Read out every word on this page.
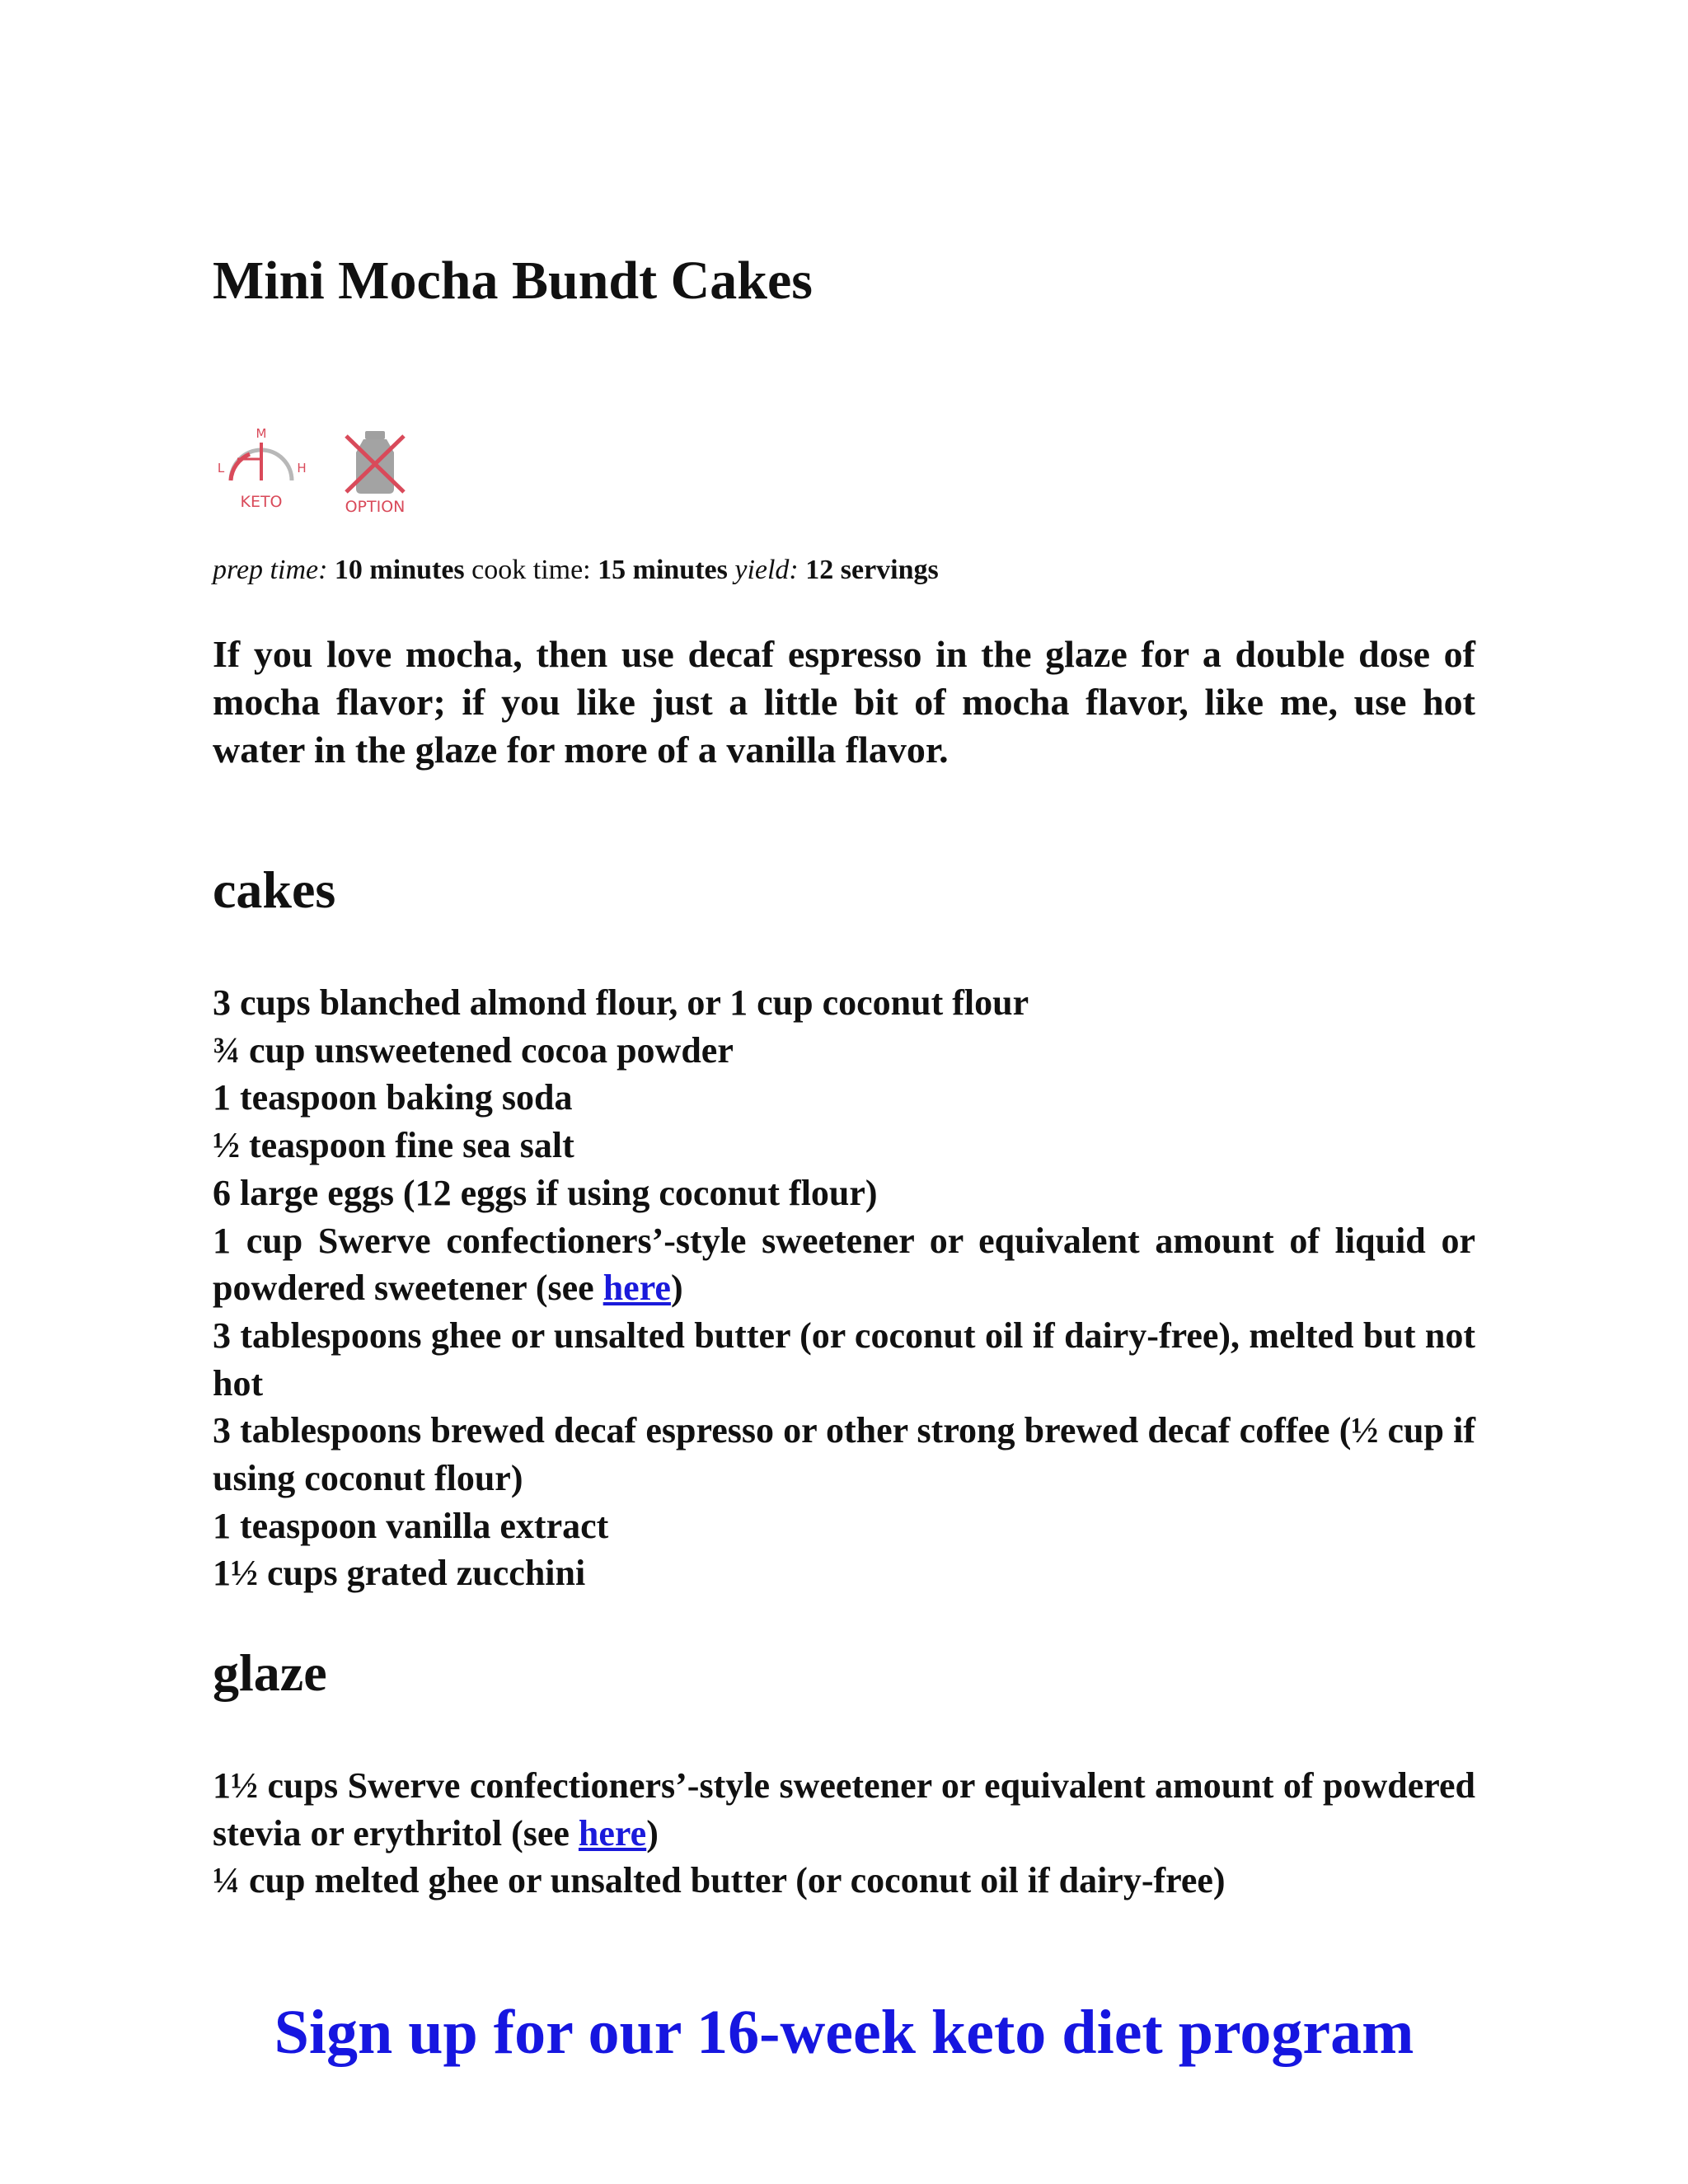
Mini Mocha Bundt Cakes
M
L	H
KETO	OPTION
prep time: 10 minutes cook time: 15 minutes yield: 12 servings

If you love mocha, then use decaf espresso in the glaze for a double dose of mocha flavor; if you like just a little bit of mocha flavor, like me, use hot water in the glaze for more of a vanilla flavor.

cakes
3 cups blanched almond flour, or 1 cup coconut flour
¾ cup unsweetened cocoa powder
1 teaspoon baking soda
½ teaspoon fine sea salt
6 large eggs (12 eggs if using coconut flour)
1 cup Swerve confectioners’-style sweetener or equivalent amount of liquid or powdered sweetener (see here)
3 tablespoons ghee or unsalted butter (or coconut oil if dairy-free), melted but not hot
3 tablespoons brewed decaf espresso or other strong brewed decaf coffee (½ cup if using coconut flour)
1 teaspoon vanilla extract
1½ cups grated zucchini
glaze
1½ cups Swerve confectioners’-style sweetener or equivalent amount of powdered stevia or erythritol (see here)
¼ cup melted ghee or unsalted butter (or coconut oil if dairy-free)
Sign up for our 16-week keto diet program
